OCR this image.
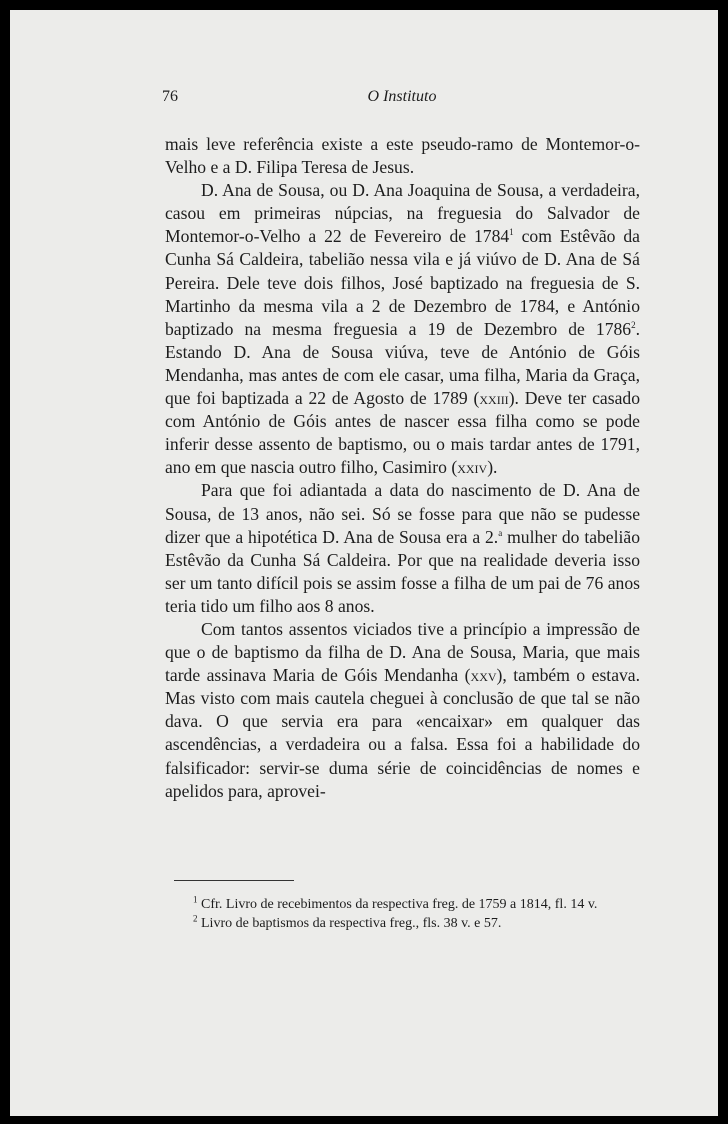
76	O Instituto

mais leve referência existe a este pseudo-ramo de Montemor-o-Velho e a D. Filipa Teresa de Jesus.

D. Ana de Sousa, ou D. Ana Joaquina de Sousa, a verdadeira, casou em primeiras núpcias, na freguesia do Salvador de Montemor-o-Velho a 22 de Fevereiro de 1784$^1$ com Estêvão da Cunha Sá Caldeira, tabelião nessa vila e já viúvo de D. Ana de Sá Pereira. Dele teve dois filhos, José baptizado na freguesia de S. Martinho da mesma vila a 2 de Dezembro de 1784, e António baptizado na mesma freguesia a 19 de Dezembro de 1786$^2$. Estando D. Ana de Sousa viúva, teve de António de Góis Mendanha, mas antes de com ele casar, uma filha, Maria da Graça, que foi baptizada a 22 de Agosto de 1789 (xxiii). Deve ter casado com António de Góis antes de nascer essa filha como se pode inferir desse assento de baptismo, ou o mais tardar antes de 1791, ano em que nascia outro filho, Casimiro (xxiv).

Para que foi adiantada a data do nascimento de D. Ana de Sousa, de 13 anos, não sei. Só se fosse para que não se pudesse dizer que a hipotética D. Ana de Sousa era a 2.$^a$ mulher do tabelião Estêvão da Cunha Sá Caldeira. Por que na realidade deveria isso ser um tanto difícil pois se assim fosse a filha de um pai de 76 anos teria tido um filho aos 8 anos.

Com tantos assentos viciados tive a princípio a impressão de que o de baptismo da filha de D. Ana de Sousa, Maria, que mais tarde assinava Maria de Góis Mendanha (xxv), também o estava. Mas visto com mais cautela cheguei à conclusão de que tal se não dava. O que servia era para «encaixar» em qualquer das ascendências, a verdadeira ou a falsa. Essa foi a habilidade do falsificador: servir-se duma série de coincidências de nomes e apelidos para, aprovei-

$^1$ Cfr. Livro de recebimentos da respectiva freg. de 1759 a 1814, fl. 14 v.

$^2$ Livro de baptismos da respectiva freg., fls. 38 v. e 57.
